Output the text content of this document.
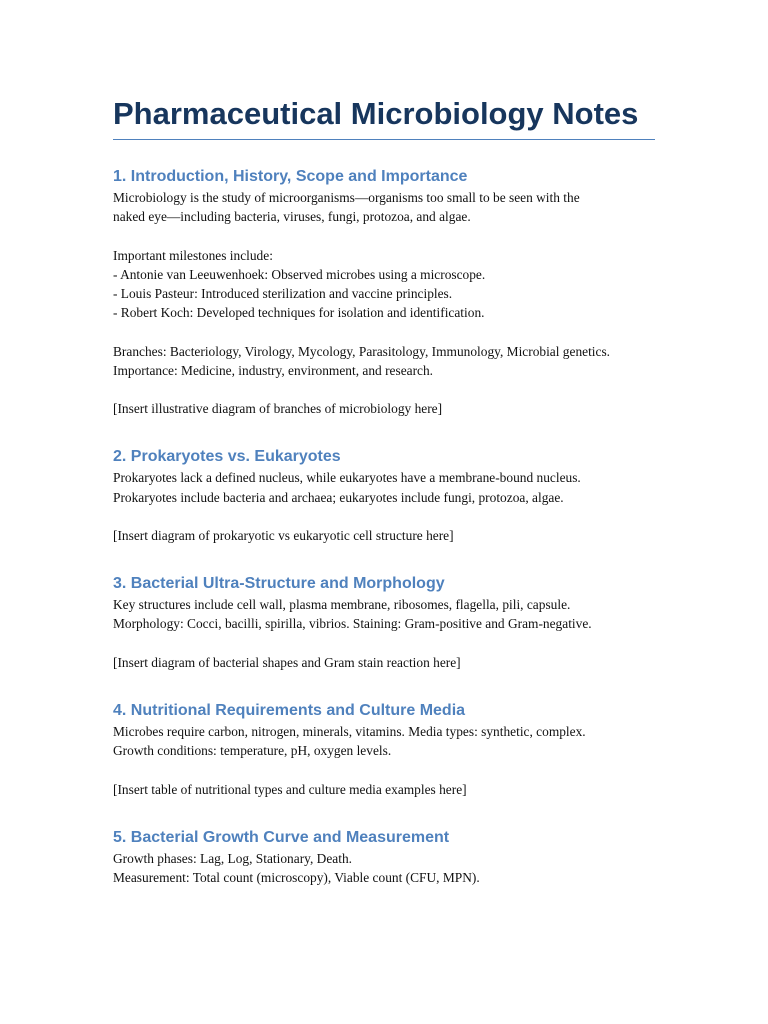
Pharmaceutical Microbiology Notes
1. Introduction, History, Scope and Importance
Microbiology is the study of microorganisms—organisms too small to be seen with the
naked eye—including bacteria, viruses, fungi, protozoa, and algae.
Important milestones include:
- Antonie van Leeuwenhoek: Observed microbes using a microscope.
- Louis Pasteur: Introduced sterilization and vaccine principles.
- Robert Koch: Developed techniques for isolation and identification.
Branches: Bacteriology, Virology, Mycology, Parasitology, Immunology, Microbial genetics.
Importance: Medicine, industry, environment, and research.
[Insert illustrative diagram of branches of microbiology here]
2. Prokaryotes vs. Eukaryotes
Prokaryotes lack a defined nucleus, while eukaryotes have a membrane-bound nucleus.
Prokaryotes include bacteria and archaea; eukaryotes include fungi, protozoa, algae.
[Insert diagram of prokaryotic vs eukaryotic cell structure here]
3. Bacterial Ultra-Structure and Morphology
Key structures include cell wall, plasma membrane, ribosomes, flagella, pili, capsule.
Morphology: Cocci, bacilli, spirilla, vibrios. Staining: Gram-positive and Gram-negative.
[Insert diagram of bacterial shapes and Gram stain reaction here]
4. Nutritional Requirements and Culture Media
Microbes require carbon, nitrogen, minerals, vitamins. Media types: synthetic, complex.
Growth conditions: temperature, pH, oxygen levels.
[Insert table of nutritional types and culture media examples here]
5. Bacterial Growth Curve and Measurement
Growth phases: Lag, Log, Stationary, Death.
Measurement: Total count (microscopy), Viable count (CFU, MPN).
